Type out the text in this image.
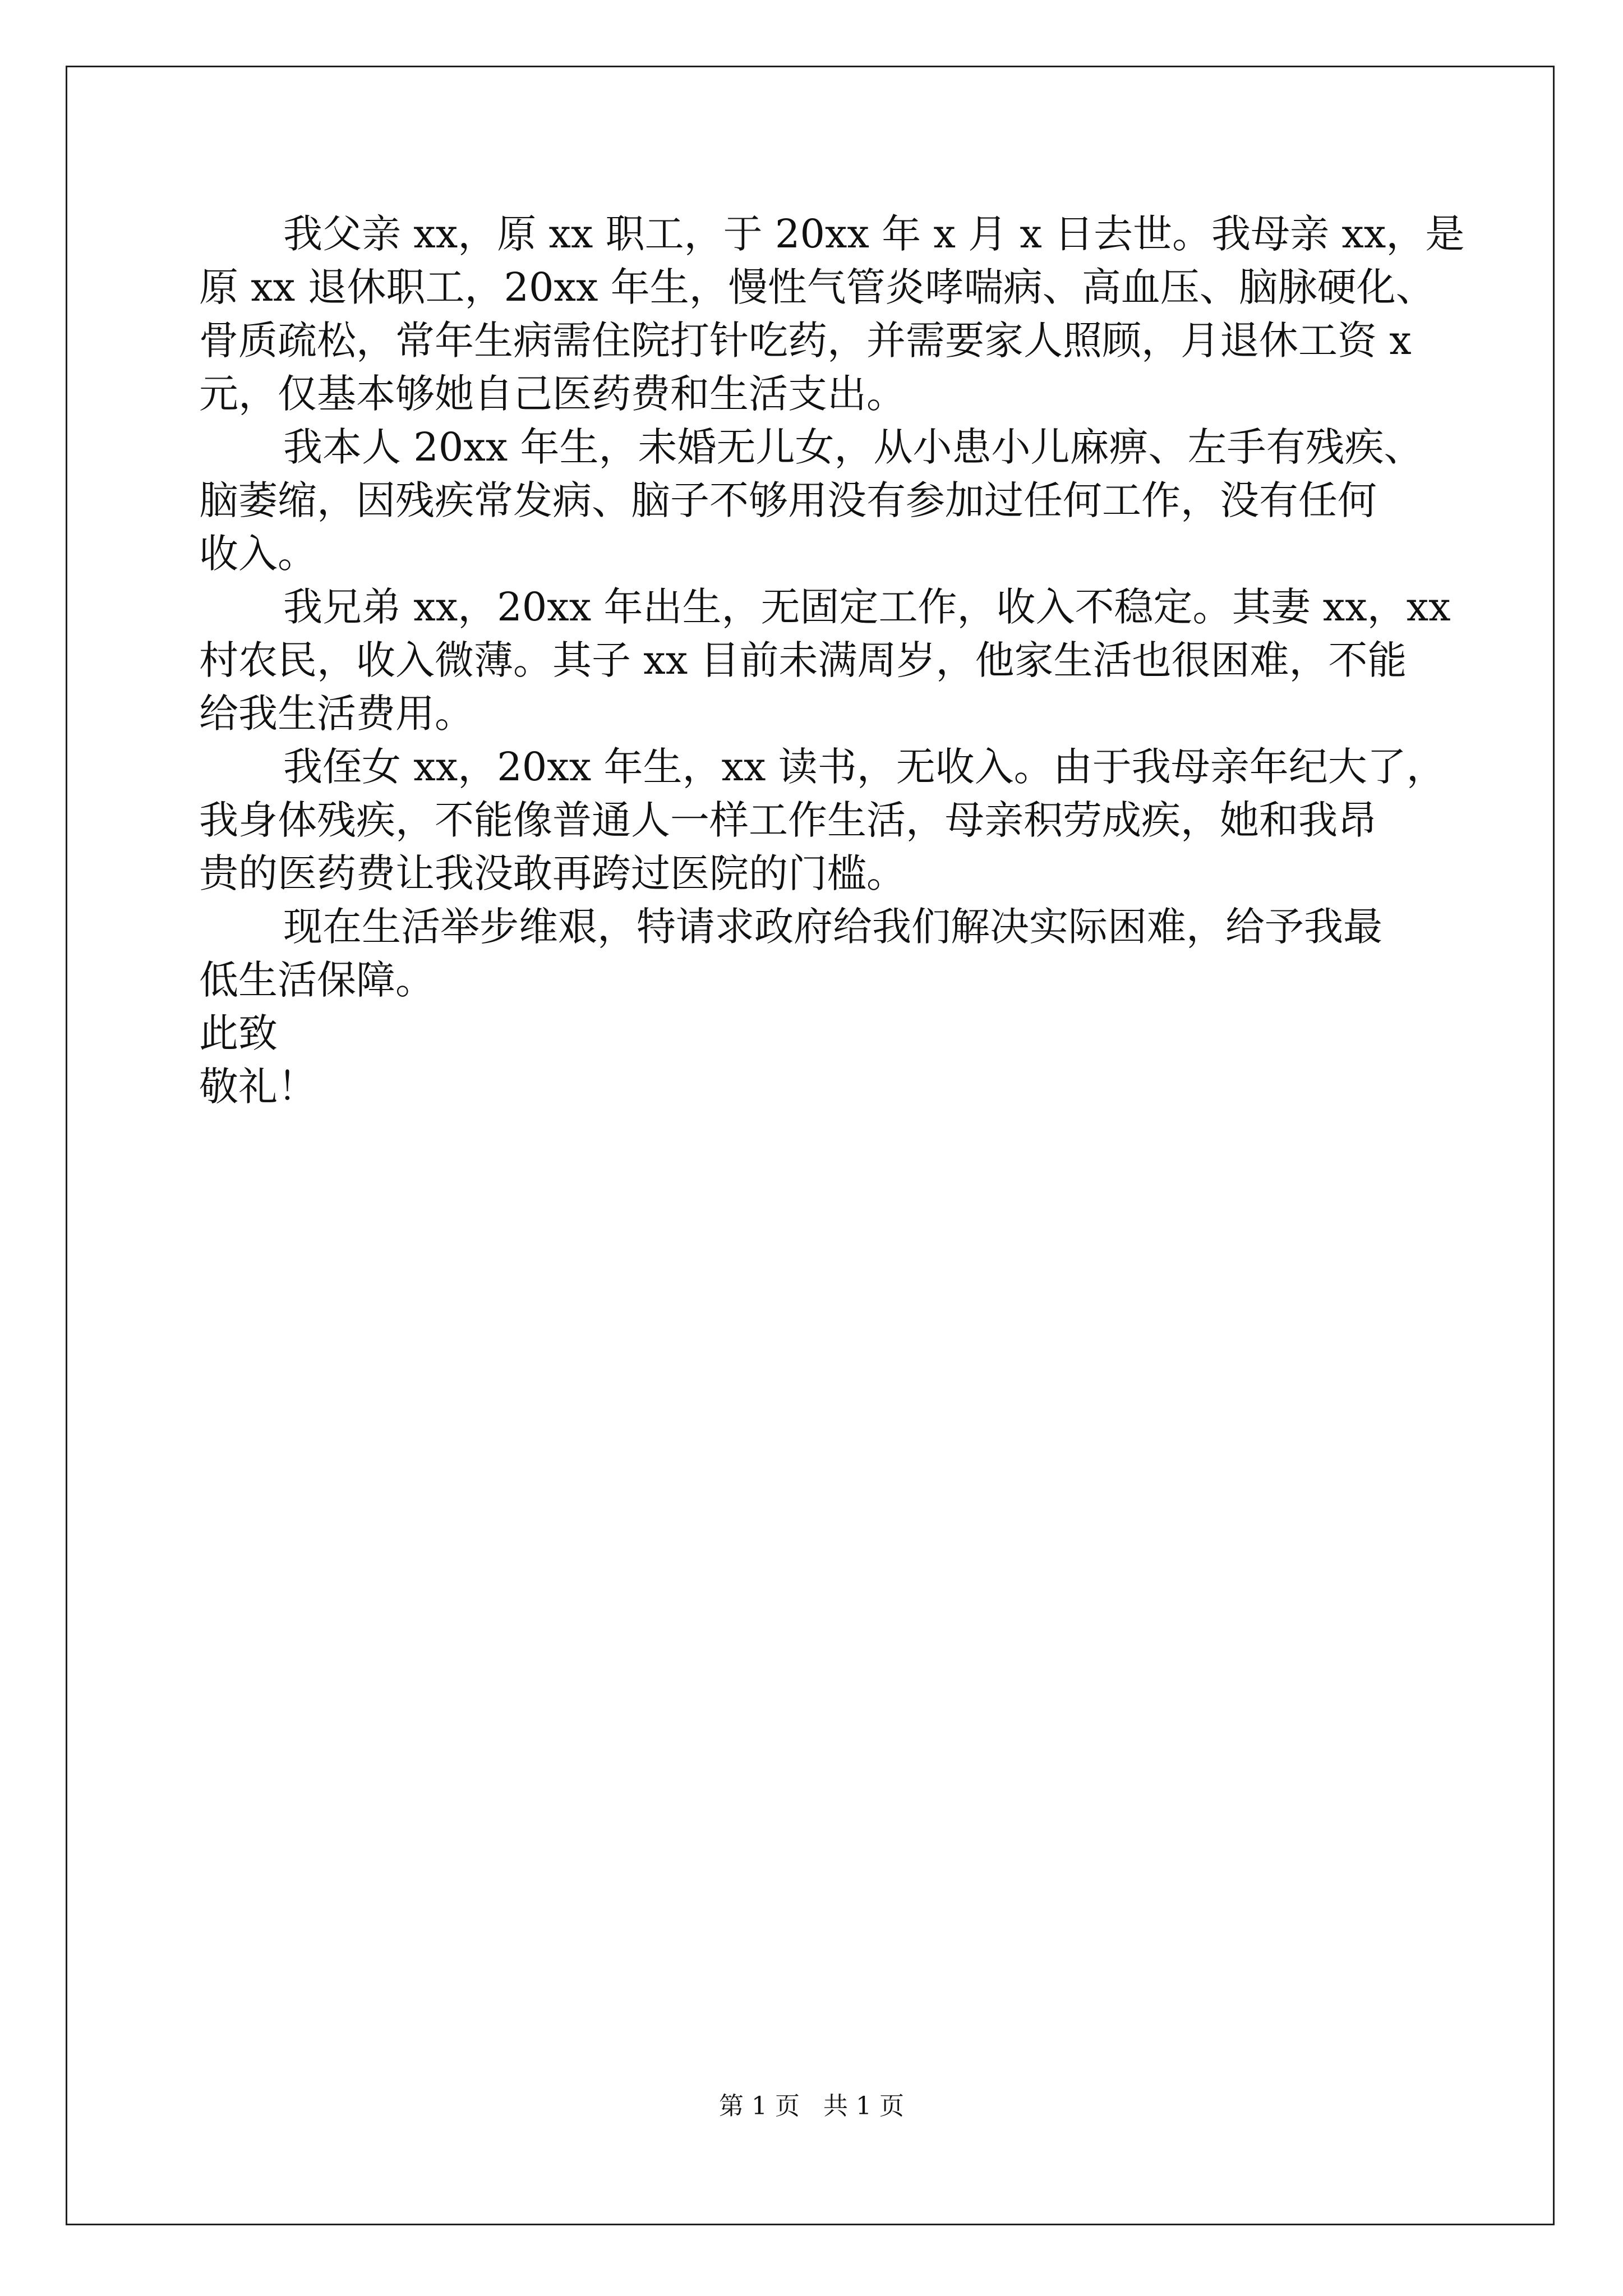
我父亲 xx，原 xx 职工，于 20xx 年 x 月 x 日去世。我母亲 xx，是
原 xx 退休职工，20xx 年生，慢性气管炎哮喘病、高血压、脑脉硬化、
骨质疏松，常年生病需住院打针吃药，并需要家人照顾，月退休工资 x
元，仅基本够她自己医药费和生活支出。
我本人 20xx 年生，未婚无儿女，从小患小儿麻痹、左手有残疾、
脑萎缩，因残疾常发病、脑子不够用没有参加过任何工作，没有任何
收入。
我兄弟 xx，20xx 年出生，无固定工作，收入不稳定。其妻 xx，xx
村农民，收入微薄。其子 xx 目前未满周岁，他家生活也很困难，不能
给我生活费用。
我侄女 xx，20xx 年生，xx 读书，无收入。由于我母亲年纪大了，
我身体残疾，不能像普通人一样工作生活，母亲积劳成疾，她和我昂
贵的医药费让我没敢再跨过医院的门槛。
现在生活举步维艰，特请求政府给我们解决实际困难，给予我最
低生活保障。
此致
敬礼！
第 1 页   共 1 页
